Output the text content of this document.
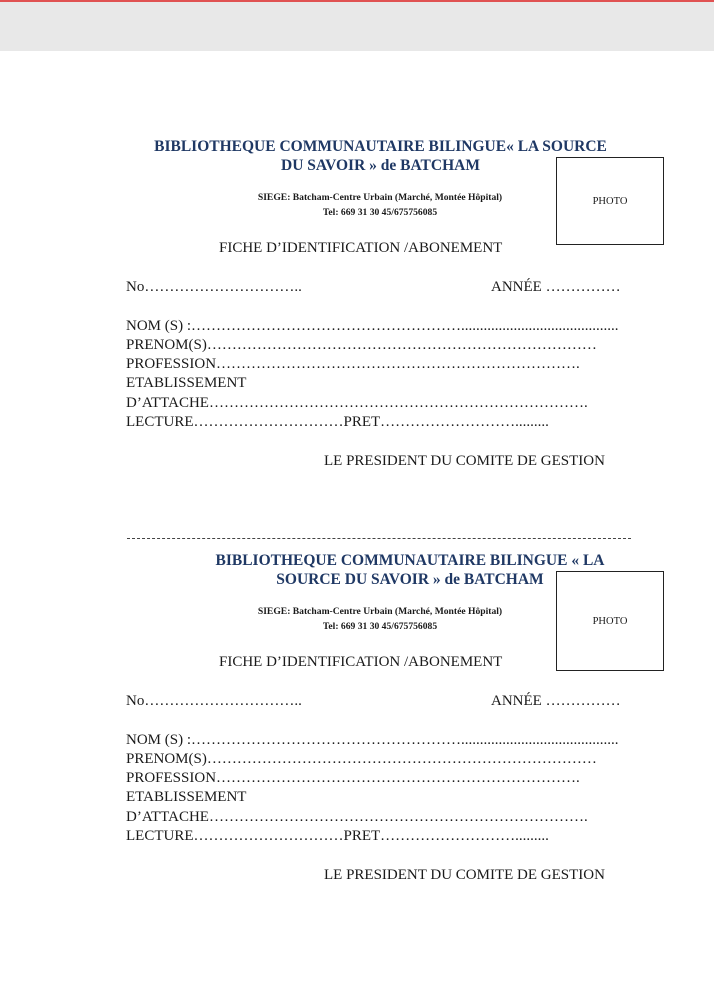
BIBLIOTHEQUE COMMUNAUTAIRE BILINGUE« LA SOURCE
DU SAVOIR » de BATCHAM
SIEGE: Batcham-Centre Urbain (Marché, Montée Hôpital)
Tel: 669 31 30 45/675756085
PHOTO
FICHE D’IDENTIFICATION /ABONEMENT
No…………………………..	ANNÉE ……………
NOM (S) :………………………………………………..........................................
PRENOM(S)……………………………………………………………………
PROFESSION……………………………………………………………….
ETABLISSEMENT
D’ATTACHE………………………………………………………………….
LECTURE…………………………PRET……………………….........
LE PRESIDENT DU COMITE DE GESTION
BIBLIOTHEQUE COMMUNAUTAIRE BILINGUE « LA
SOURCE DU SAVOIR » de BATCHAM
SIEGE: Batcham-Centre Urbain (Marché, Montée Hôpital)
Tel: 669 31 30 45/675756085	PHOTO
FICHE D’IDENTIFICATION /ABONEMENT
No…………………………..	ANNÉE ……………
NOM (S) :………………………………………………..........................................
PRENOM(S)……………………………………………………………………
PROFESSION……………………………………………………………….
ETABLISSEMENT
D’ATTACHE………………………………………………………………….
LECTURE…………………………PRET……………………….........
LE PRESIDENT DU COMITE DE GESTION
